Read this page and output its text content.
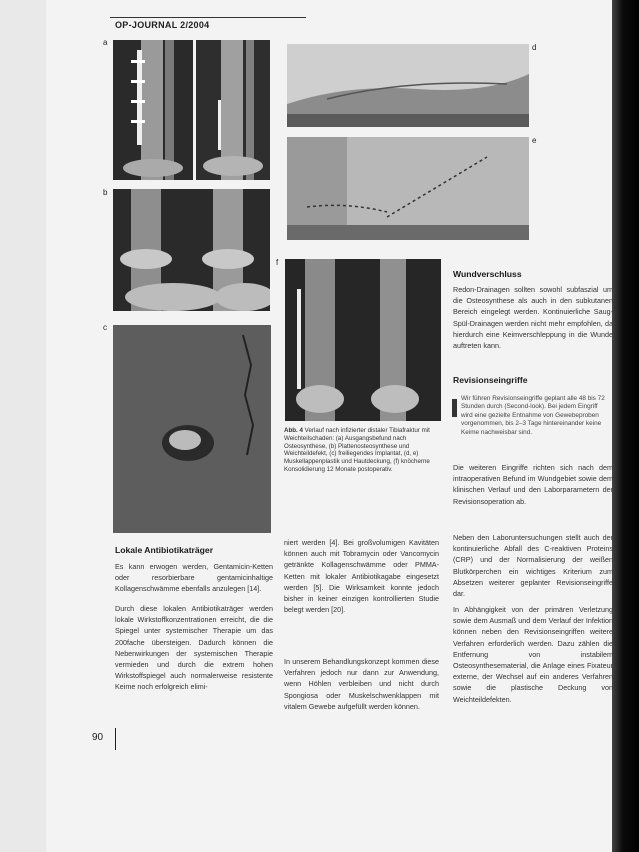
OP-JOURNAL 2/2004
a
b
c
d
e
f
Abb. 4 Verlauf nach infizierter distaler Tibiafraktur mit Weichteilschaden: (a) Ausgangsbefund nach Osteosynthese, (b) Plattenosteosynthese und Weichteildefekt, (c) freiliegendes Implantat, (d, e) Muskellappenplastik und Hautdeckung, (f) knöcherne Konsolidierung 12 Monate postoperativ.
Wundverschluss

Redon-Drainagen sollten sowohl subfaszial um die Osteosynthese als auch in den subkutanen Bereich eingelegt werden. Kontinuierliche Saug-Spül-Drainagen werden nicht mehr empfohlen, da hierdurch eine Keimverschleppung in die Wunde auftreten kann.

Revisionseingriffe
Wir führen Revisionseingriffe geplant alle 48 bis 72 Stunden durch (Second-look). Bei jedem Eingriff wird eine gezielte Entnahme von Gewebeproben vorgenommen, bis 2–3 Tage hintereinander keine Keime nachweisbar sind.

Die weiteren Eingriffe richten sich nach dem intraoperativen Befund im Wundgebiet sowie dem klinischen Verlauf und den Laborparametern der Revisionsoperation ab.

Neben den Laboruntersuchungen stellt auch der kontinuierliche Abfall des C-reaktiven Proteins (CRP) und der Normalisierung der weißen Blutkörperchen ein wichtiges Kriterium zum Absetzen weiterer geplanter Revisionseingriffe dar.

In Abhängigkeit von der primären Verletzung sowie dem Ausmaß und dem Verlauf der Infektion können neben den Revisionseingriffen weitere Verfahren erforderlich werden. Dazu zählen die Entfernung von instabilem Osteosynthesematerial, die Anlage eines Fixateur externe, der Wechsel auf ein anderes Verfahren sowie die plastische Deckung von Weichteildefekten.

Lokale Antibiotikaträger

Es kann erwogen werden, Gentamicin-Ketten oder resorbierbare gentamicinhaltige Kollagenschwämme ebenfalls anzulegen [14].

Durch diese lokalen Antibiotikaträger werden lokale Wirkstoffkonzentrationen erreicht, die die Spiegel unter systemischer Therapie um das 200fache übersteigen. Dadurch können die Nebenwirkungen der systemischen Therapie vermieden und durch die extrem hohen Wirkstoffspiegel auch normalerweise resistente Keime noch erfolgreich elimi-

niert werden [4]. Bei großvolumigen Kavitäten können auch mit Tobramycin oder Vancomycin getränkte Kollagenschwämme oder PMMA-Ketten mit lokaler Antibiotikagabe eingesetzt werden [5]. Die Wirksamkeit konnte jedoch bisher in keiner einzigen kontrollierten Studie belegt werden [20].

In unserem Behandlungskonzept kommen diese Verfahren jedoch nur dann zur Anwendung, wenn Höhlen verbleiben und nicht durch Spongiosa oder Muskelschwenklappen mit vitalem Gewebe aufgefüllt werden können.

90
